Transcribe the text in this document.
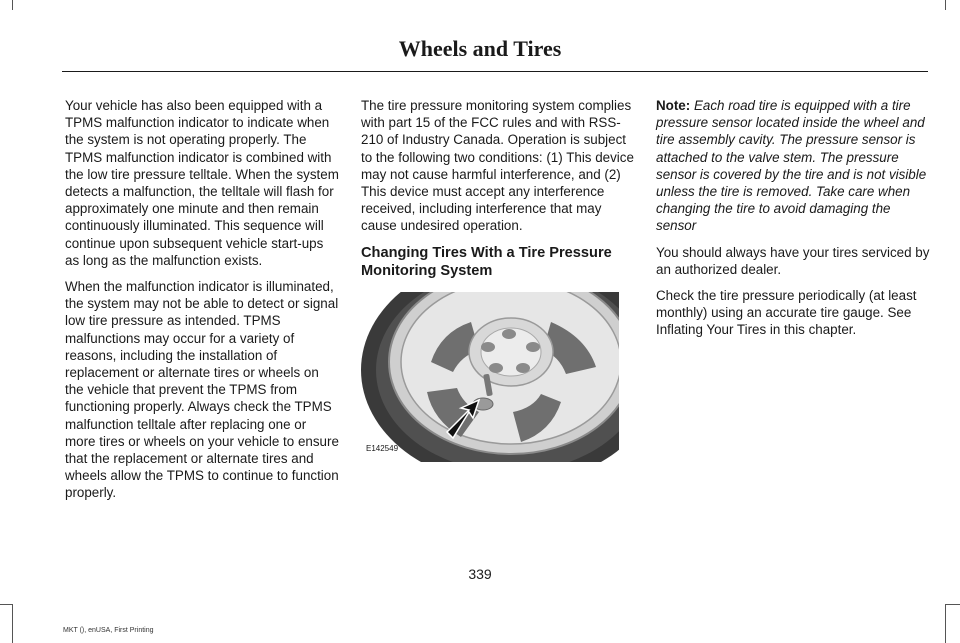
Wheels and Tires

Your vehicle has also been equipped with a TPMS malfunction indicator to indicate when the system is not operating properly. The TPMS malfunction indicator is combined with the low tire pressure telltale. When the system detects a malfunction, the telltale will flash for approximately one minute and then remain continuously illuminated. This sequence will continue upon subsequent vehicle start-ups as long as the malfunction exists.

When the malfunction indicator is illuminated, the system may not be able to detect or signal low tire pressure as intended. TPMS malfunctions may occur for a variety of reasons, including the installation of replacement or alternate tires or wheels on the vehicle that prevent the TPMS from functioning properly. Always check the TPMS malfunction telltale after replacing one or more tires or wheels on your vehicle to ensure that the replacement or alternate tires and wheels allow the TPMS to continue to function properly.

The tire pressure monitoring system complies with part 15 of the FCC rules and with RSS-210 of Industry Canada. Operation is subject to the following two conditions: (1) This device may not cause harmful interference, and (2) This device must accept any interference received, including interference that may cause undesired operation.

Changing Tires With a Tire Pressure Monitoring System
E142549

Note: Each road tire is equipped with a tire pressure sensor located inside the wheel and tire assembly cavity. The pressure sensor is attached to the valve stem. The pressure sensor is covered by the tire and is not visible unless the tire is removed. Take care when changing the tire to avoid damaging the sensor

You should always have your tires serviced by an authorized dealer.

Check the tire pressure periodically (at least monthly) using an accurate tire gauge. See Inflating Your Tires in this chapter.

339
MKT (), enUSA, First Printing
